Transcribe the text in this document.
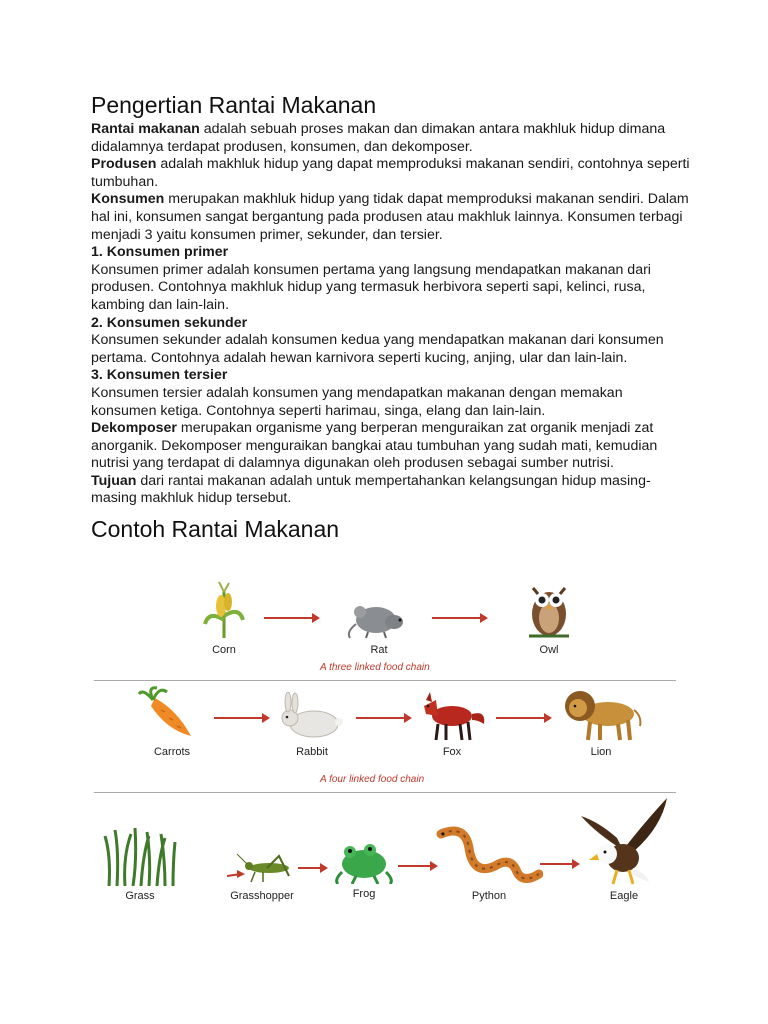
Pengertian Rantai Makanan

Rantai makanan adalah sebuah proses makan dan dimakan antara makhluk hidup dimana didalamnya terdapat produsen, konsumen, dan dekomposer.

Produsen adalah makhluk hidup yang dapat memproduksi makanan sendiri, contohnya seperti tumbuhan.

Konsumen merupakan makhluk hidup yang tidak dapat memproduksi makanan sendiri. Dalam hal ini, konsumen sangat bergantung pada produsen atau makhluk lainnya. Konsumen terbagi menjadi 3 yaitu konsumen primer, sekunder, dan tersier.

1. Konsumen primer

Konsumen primer adalah konsumen pertama yang langsung mendapatkan makanan dari produsen. Contohnya makhluk hidup yang termasuk herbivora seperti sapi, kelinci, rusa, kambing dan lain-lain.

2. Konsumen sekunder

Konsumen sekunder adalah konsumen kedua yang mendapatkan makanan dari konsumen pertama. Contohnya adalah hewan karnivora seperti kucing, anjing, ular dan lain-lain.

3. Konsumen tersier

Konsumen tersier adalah konsumen yang mendapatkan makanan dengan memakan konsumen ketiga. Contohnya seperti harimau, singa, elang dan lain-lain.

Dekomposer merupakan organisme yang berperan menguraikan zat organik menjadi zat anorganik. Dekomposer menguraikan bangkai atau tumbuhan yang sudah mati, kemudian nutrisi yang terdapat di dalamnya digunakan oleh produsen sebagai sumber nutrisi.

Tujuan dari rantai makanan adalah untuk mempertahankan kelangsungan hidup masing-masing makhluk hidup tersebut.

Contoh Rantai Makanan
Corn	Rat	Owl
A three linked food chain
Carrots	Rabbit	Fox	Lion
A four linked food chain
Grass	Grasshopper	Frog	Python	Eagle
